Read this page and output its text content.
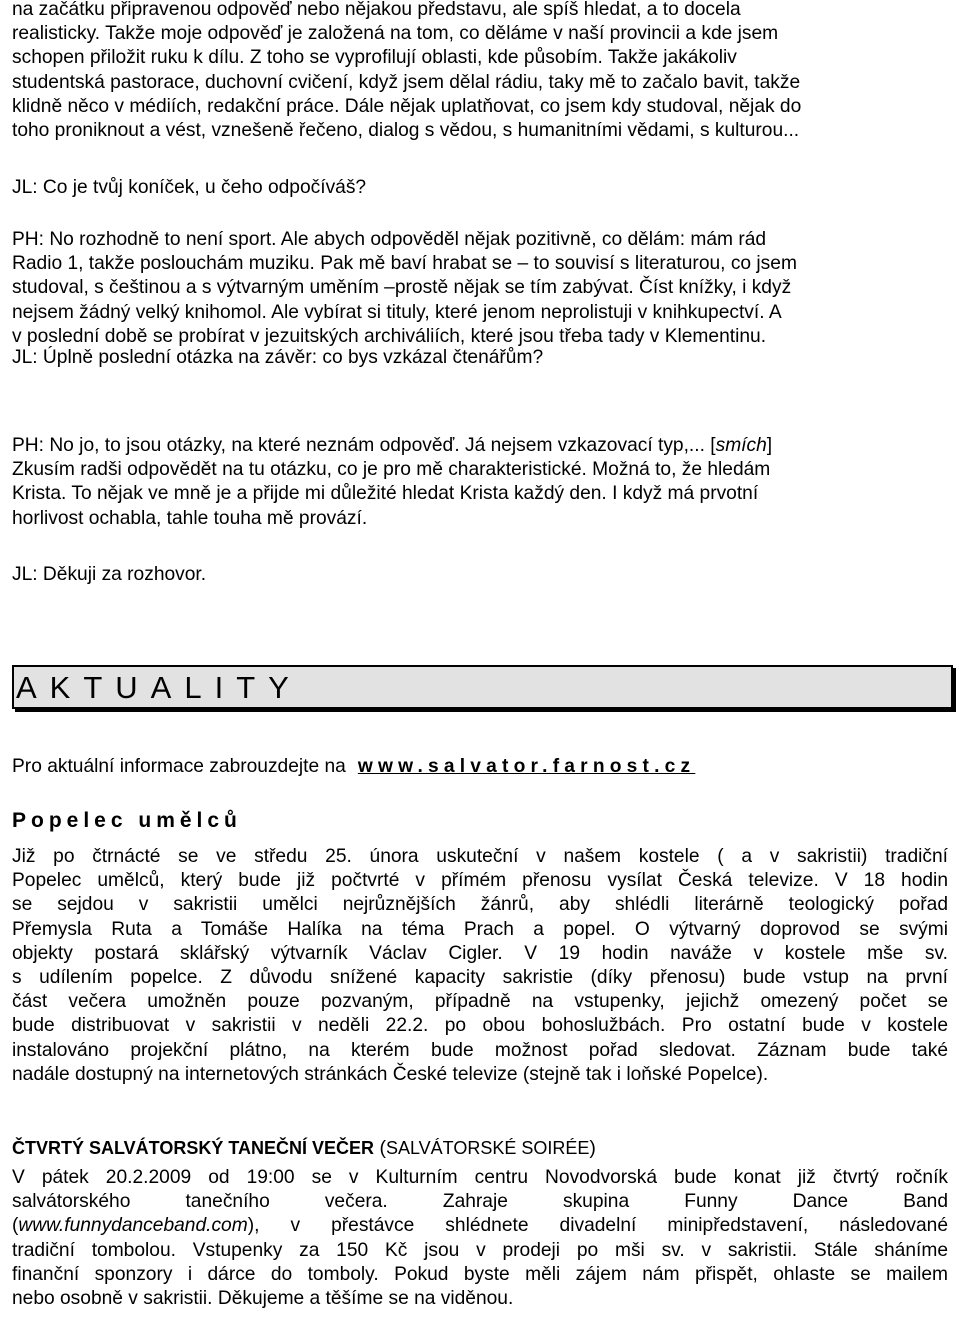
na začátku připravenou odpověď nebo nějakou představu, ale spíš hledat, a to docela

realisticky. Takže moje odpověď je založená na tom, co děláme v naší provincii a kde jsem

schopen přiložit ruku k dílu. Z toho se vyprofilují oblasti, kde působím. Takže jakákoliv

studentská pastorace, duchovní cvičení, když jsem dělal rádiu, taky mě to začalo bavit, takže

klidně něco v médiích, redakční práce. Dále nějak uplatňovat, co jsem kdy studoval, nějak do

toho proniknout a vést, vznešeně řečeno, dialog s vědou, s humanitními vědami, s kulturou...

JL: Co je tvůj koníček, u čeho odpočíváš?

PH: No rozhodně to není sport. Ale abych odpověděl nějak pozitivně, co dělám: mám rád

Radio 1, takže poslouchám muziku. Pak mě baví hrabat se – to souvisí s literaturou, co jsem

studoval, s češtinou a s výtvarným uměním –prostě nějak se tím zabývat. Číst knížky, i když

nejsem žádný velký knihomol. Ale vybírat si tituly, které jenom neprolistuji v knihkupectví. A

v poslední době se probírat v jezuitských archiváliích, které jsou třeba tady v Klementinu.

JL: Úplně poslední otázka na závěr: co bys vzkázal čtenářům?

PH: No jo, to jsou otázky, na které neznám odpověď. Já nejsem vzkazovací typ,... [smích]

Zkusím radši odpovědět na tu otázku, co je pro mě charakteristické. Možná to, že hledám

Krista. To nějak ve mně je a přijde mi důležité hledat Krista každý den. I když má prvotní

horlivost ochabla, tahle touha mě provází.

JL: Děkuji za rozhovor.

AKTUALITY
Pro aktuální informace zabrouzdejte na www.salvator.farnost.cz
Popelec umělců

Již po čtrnácté se ve středu 25. února uskuteční v našem kostele ( a v sakristii) tradiční

Popelec umělců, který bude již počtvrté v přímém přenosu vysílat Česká televize. V 18 hodin

se sejdou v sakristii umělci nejrůznějších žánrů, aby shlédli literárně teologický pořad

Přemysla Ruta a Tomáše Halíka na téma Prach a popel. O výtvarný doprovod se svými

objekty postará sklářský výtvarník Václav Cigler. V 19 hodin naváže v kostele mše sv.

s udílením popelce. Z důvodu snížené kapacity sakristie (díky přenosu) bude vstup na první

část večera umožněn pouze pozvaným, případně na vstupenky, jejichž omezený počet se

bude distribuovat v sakristii v neděli 22.2. po obou bohoslužbách. Pro ostatní bude v kostele

instalováno projekční plátno, na kterém bude možnost pořad sledovat. Záznam bude také

nadále dostupný na internetových stránkách České televize (stejně tak i loňské Popelce).

ČTVRTÝ SALVÁTORSKÝ TANEČNÍ VEČER (SALVÁTORSKÉ SOIRÉE)

V pátek 20.2.2009 od 19:00 se v Kulturním centru Novodvorská bude konat již čtvrtý ročník

salvátorského tanečního večera. Zahraje skupina Funny Dance Band

(www.funnydanceband.com), v přestávce shlédnete divadelní minipředstavení, následované

tradiční tombolou. Vstupenky za 150 Kč jsou v prodeji po mši sv. v sakristii. Stále sháníme

finanční sponzory i dárce do tomboly. Pokud byste měli zájem nám přispět, ohlaste se mailem

nebo osobně v sakristii. Děkujeme a těšíme se na viděnou.
